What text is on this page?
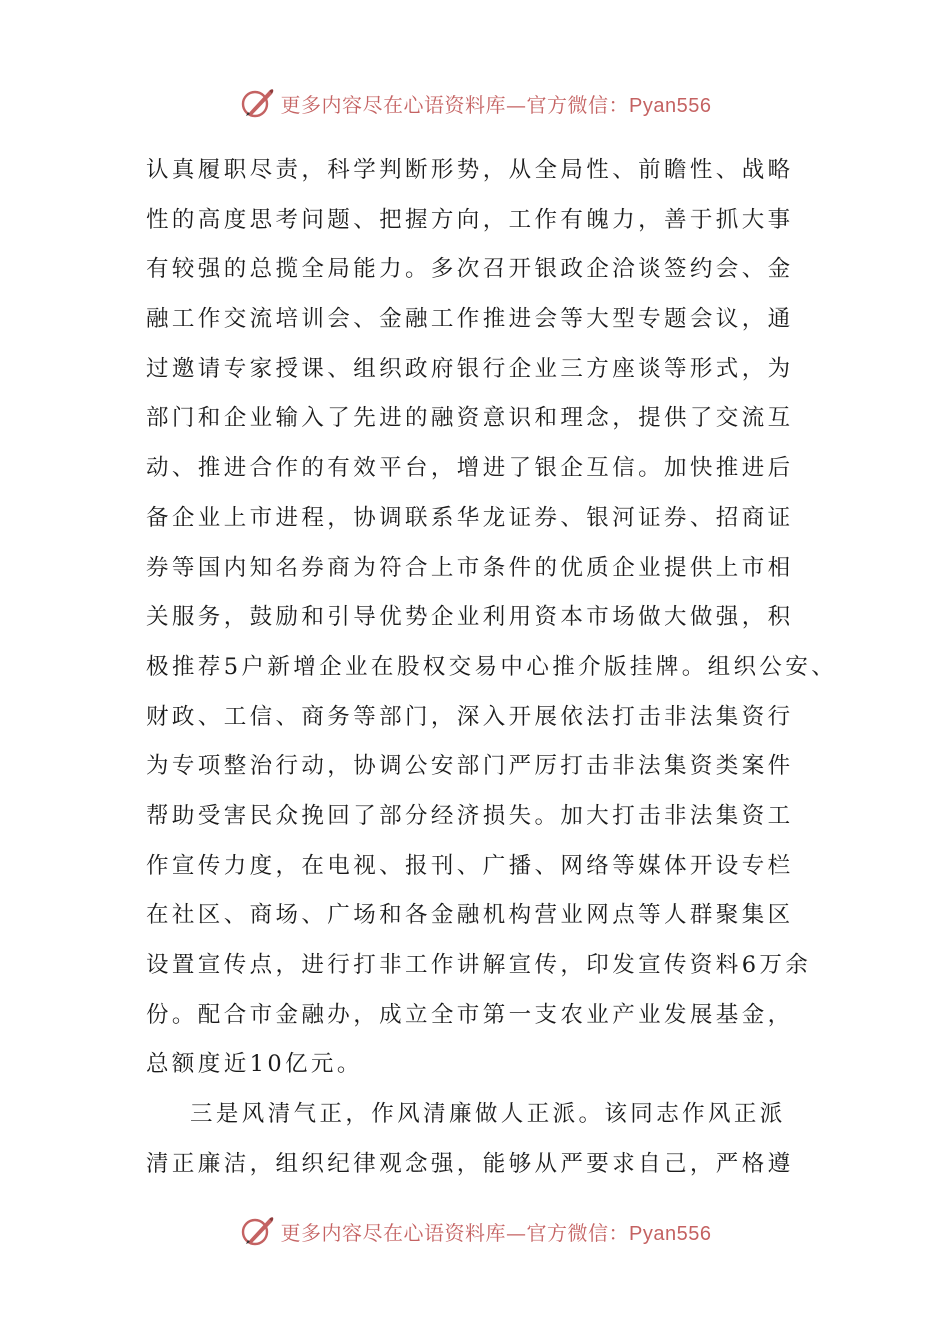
更多内容尽在心语资料库—官方微信：Pyan556
认真履职尽责，科学判断形势，从全局性、前瞻性、战略
性的高度思考问题、把握方向，工作有魄力，善于抓大事
有较强的总揽全局能力。多次召开银政企洽谈签约会、金
融工作交流培训会、金融工作推进会等大型专题会议，通
过邀请专家授课、组织政府银行企业三方座谈等形式，为
部门和企业输入了先进的融资意识和理念，提供了交流互
动、推进合作的有效平台，增进了银企互信。加快推进后
备企业上市进程，协调联系华龙证券、银河证券、招商证
券等国内知名券商为符合上市条件的优质企业提供上市相
关服务，鼓励和引导优势企业利用资本市场做大做强，积
极推荐5户新增企业在股权交易中心推介版挂牌。组织公安、
财政、工信、商务等部门，深入开展依法打击非法集资行
为专项整治行动，协调公安部门严厉打击非法集资类案件
帮助受害民众挽回了部分经济损失。加大打击非法集资工
作宣传力度，在电视、报刊、广播、网络等媒体开设专栏
在社区、商场、广场和各金融机构营业网点等人群聚集区
设置宣传点，进行打非工作讲解宣传，印发宣传资料6万余
份。配合市金融办，成立全市第一支农业产业发展基金，
总额度近10亿元。
三是风清气正，作风清廉做人正派。该同志作风正派
清正廉洁，组织纪律观念强，能够从严要求自己，严格遵
更多内容尽在心语资料库—官方微信：Pyan556
